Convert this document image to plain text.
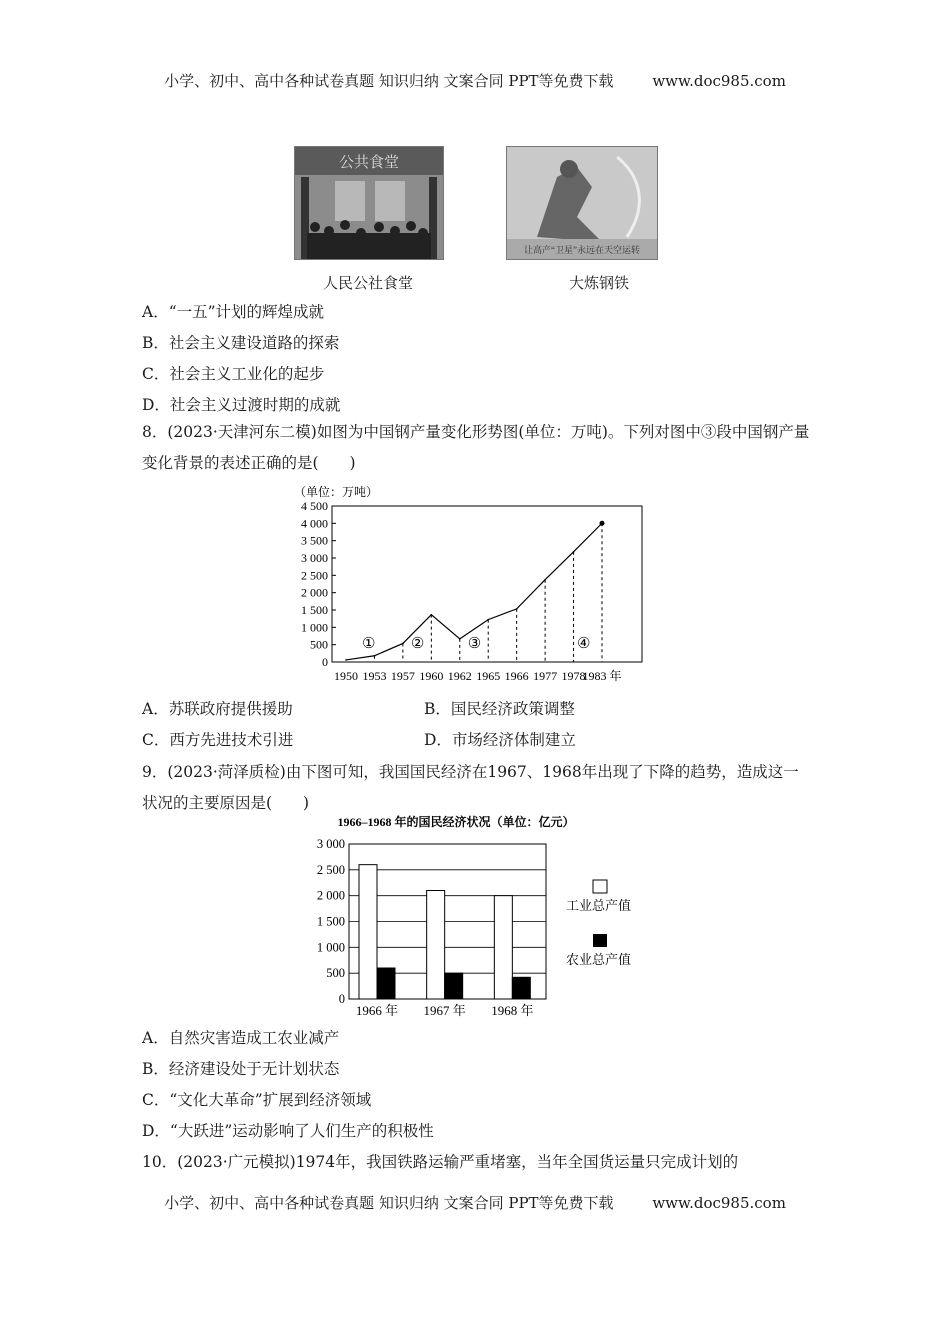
小学、初中、高中各种试卷真题 知识归纳 文案合同 PPT等免费下载	www.doc985.com
公共食堂
人民公社食堂
让高产“卫星”永远在天空运转
大炼钢铁
A．“一五”计划的辉煌成就
B．社会主义建设道路的探索
C．社会主义工业化的起步
D．社会主义过渡时期的成就
8．(2023·天津河东二模)如图为中国钢产量变化形势图(单位：万吨)。下列对图中③段中国钢产量变化背景的表述正确的是(　　)
（单位：万吨）
0
500
1 000
1 500
2 000
2 500
3 000
3 500
4 000
4 500
1950 1953 1957 1960 1962 1965 1966 1977 1978
1983 年
① ②	③	④
A．苏联政府提供援助	B．国民经济政策调整
C．西方先进技术引进	D．市场经济体制建立
9．(2023·菏泽质检)由下图可知，我国国民经济在1967、1968年出现了下降的趋势，造成这一状况的主要原因是(　　)
1966–1968 年的国民经济状况（单位：亿元）
0
500
1 000
1 500
2 000
2 500
3 000
1966 年 1967 年 1968 年
工业总产值
农业总产值
A．自然灾害造成工农业减产
B．经济建设处于无计划状态
C．“文化大革命”扩展到经济领域
D．“大跃进”运动影响了人们生产的积极性
10．(2023·广元模拟)1974年，我国铁路运输严重堵塞，当年全国货运量只完成计划的
小学、初中、高中各种试卷真题 知识归纳 文案合同 PPT等免费下载	www.doc985.com
